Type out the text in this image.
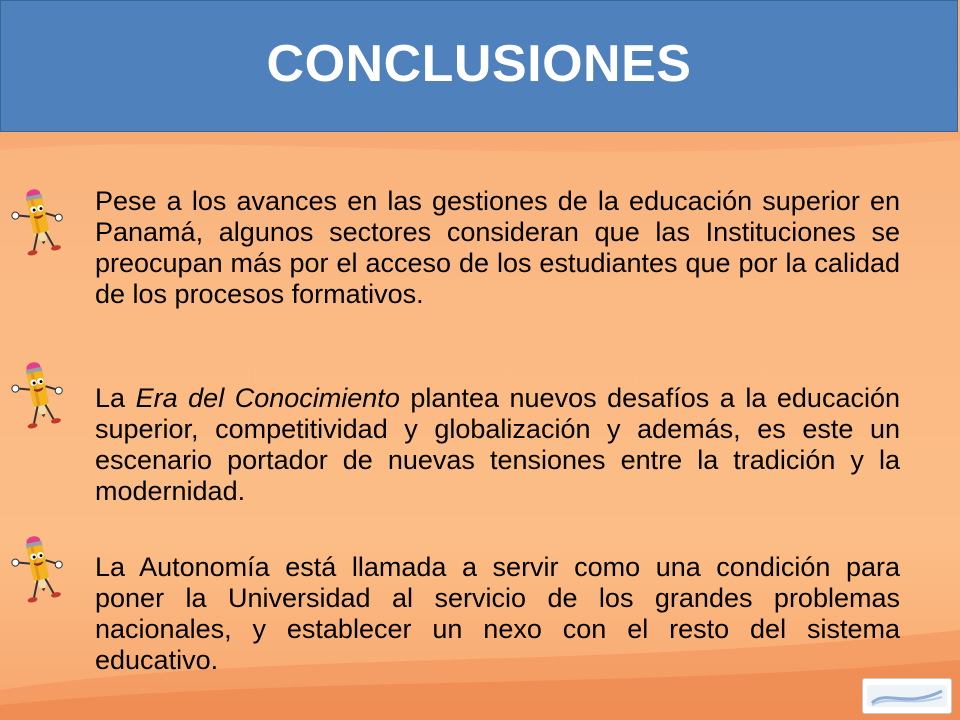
CONCLUSIONES

Pese a los avances en las gestiones de la educación superior en Panamá, algunos sectores consideran que las Instituciones se preocupan más por el acceso de los estudiantes que por la calidad de los procesos formativos.

La Era del Conocimiento plantea nuevos desafíos a la educación superior, competitividad y globalización y además, es este un escenario portador de nuevas tensiones entre la tradición y la modernidad.

La Autonomía está llamada a servir como una condición para poner la Universidad al servicio de los grandes problemas nacionales, y establecer un nexo con el resto del sistema educativo.
